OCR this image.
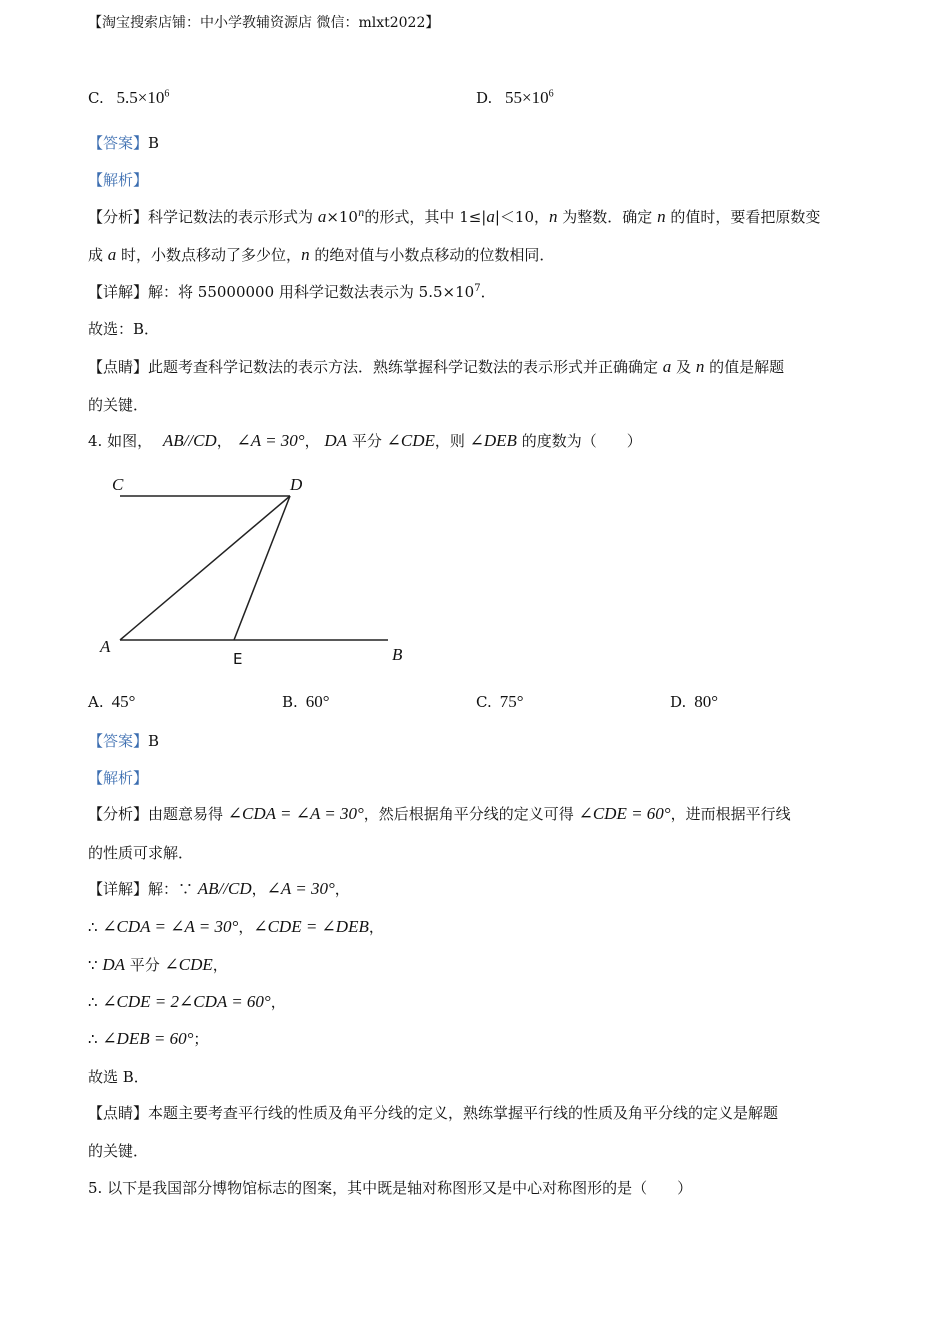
【淘宝搜索店铺：中小学教辅资源店 微信：mlxt2022】
C. $5.5\times 10^6$	D. $55\times 10^6$
【答案】B
【解析】
【分析】科学记数法的表示形式为 $a\times 10^n$的形式，其中 1≤|a|＜10，n 为整数．确定 n 的值时，要看把原数变
成 a 时，小数点移动了多少位，n 的绝对值与小数点移动的位数相同．
【详解】解：将 55000000 用科学记数法表示为 $5.5\times 10^7$．
故选：B．
【点睛】此题考查科学记数法的表示方法．熟练掌握科学记数法的表示形式并正确确定 a 及 n 的值是解题
的关键．
4. 如图， AB//CD， ∠A = 30°， DA 平分 ∠CDE，则 ∠DEB 的度数为（　　）
C	D
A
E	B
A. 45°	B. 60°	C. 75°	D. 80°
【答案】B
【解析】
【分析】由题意易得 ∠CDA = ∠A = 30°，然后根据角平分线的定义可得 ∠CDE = 60°，进而根据平行线
的性质可求解．
【详解】解：∵ AB//CD，∠A = 30°，
∴ ∠CDA = ∠A = 30°，∠CDE = ∠DEB，
∵ DA 平分 ∠CDE，
∴ ∠CDE = 2∠CDA = 60°，
∴ ∠DEB = 60°；
故选 B．
【点睛】本题主要考查平行线的性质及角平分线的定义，熟练掌握平行线的性质及角平分线的定义是解题
的关键．
5. 以下是我国部分博物馆标志的图案，其中既是轴对称图形又是中心对称图形的是（　　）
